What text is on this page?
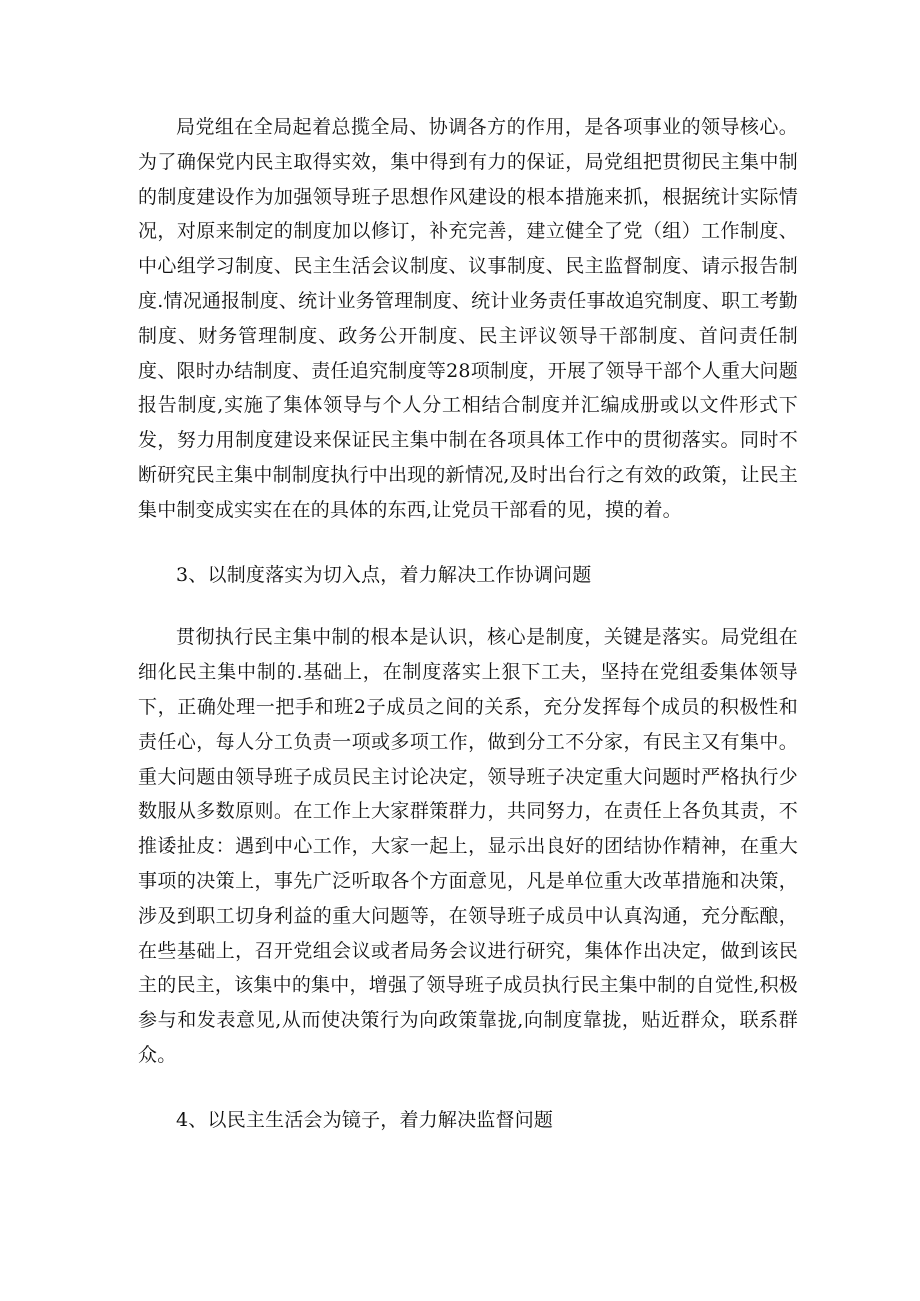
局党组在全局起着总揽全局、协调各方的作用，是各项事业的领导核心。为了确保党内民主取得实效，集中得到有力的保证，局党组把贯彻民主集中制的制度建设作为加强领导班子思想作风建设的根本措施来抓，根据统计实际情况，对原来制定的制度加以修订，补充完善，建立健全了党（组）工作制度、中心组学习制度、民主生活会议制度、议事制度、民主监督制度、请示报告制度.情况通报制度、统计业务管理制度、统计业务责任事故追究制度、职工考勤制度、财务管理制度、政务公开制度、民主评议领导干部制度、首问责任制度、限时办结制度、责任追究制度等28项制度，开展了领导干部个人重大问题报告制度,实施了集体领导与个人分工相结合制度并汇编成册或以文件形式下发，努力用制度建设来保证民主集中制在各项具体工作中的贯彻落实。同时不断研究民主集中制制度执行中出现的新情况,及时出台行之有效的政策，让民主集中制变成实实在在的具体的东西,让党员干部看的见，摸的着。

3、以制度落实为切入点，着力解决工作协调问题

贯彻执行民主集中制的根本是认识，核心是制度，关键是落实。局党组在细化民主集中制的.基础上，在制度落实上狠下工夫，坚持在党组委集体领导下，正确处理一把手和班2子成员之间的关系，充分发挥每个成员的积极性和责任心，每人分工负责一项或多项工作，做到分工不分家，有民主又有集中。重大问题由领导班子成员民主讨论决定，领导班子决定重大问题时严格执行少数服从多数原则。在工作上大家群策群力，共同努力，在责任上各负其责，不推诿扯皮：遇到中心工作，大家一起上，显示出良好的团结协作精神，在重大事项的决策上，事先广泛听取各个方面意见，凡是单位重大改革措施和决策，涉及到职工切身利益的重大问题等，在领导班子成员中认真沟通，充分酝酿，在些基础上，召开党组会议或者局务会议进行研究，集体作出决定，做到该民主的民主，该集中的集中，增强了领导班子成员执行民主集中制的自觉性,积极参与和发表意见,从而使决策行为向政策靠拢,向制度靠拢，贴近群众，联系群众。

4、以民主生活会为镜子，着力解决监督问题
